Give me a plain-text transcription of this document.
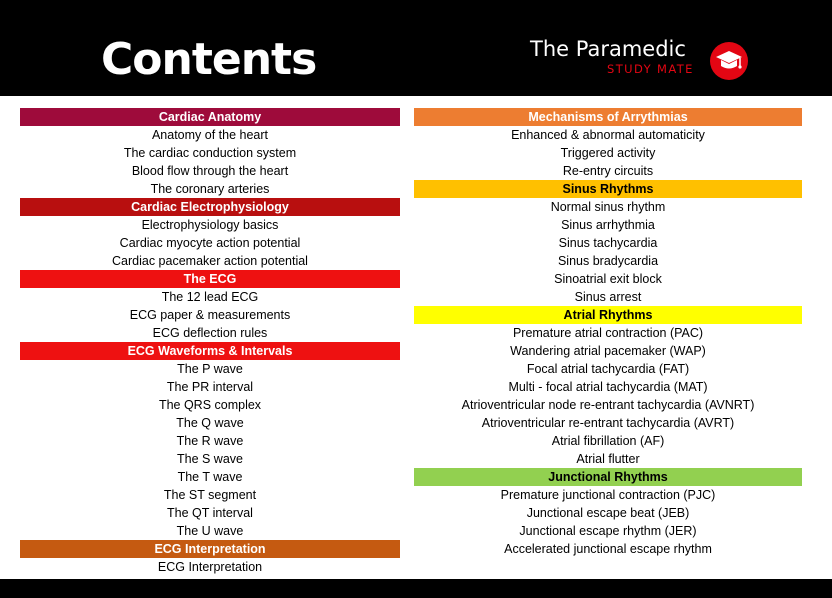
Contents	The Paramedic
STUDY MATE
Cardiac Anatomy
Anatomy of the heart
The cardiac conduction system
Blood flow through the heart
The coronary arteries
Cardiac Electrophysiology
Electrophysiology basics
Cardiac myocyte action potential
Cardiac pacemaker action potential
The ECG
The 12 lead ECG
ECG paper & measurements
ECG deflection rules
ECG Waveforms & Intervals
The P wave
The PR interval
The QRS complex
The Q wave
The R wave
The S wave
The T wave
The ST segment
The QT interval
The U wave
ECG Interpretation
ECG Interpretation
Mechanisms of Arrythmias
Enhanced & abnormal automaticity
Triggered activity
Re-entry circuits
Sinus Rhythms
Normal sinus rhythm
Sinus arrhythmia
Sinus tachycardia
Sinus bradycardia
Sinoatrial exit block
Sinus arrest
Atrial Rhythms
Premature atrial contraction (PAC)
Wandering atrial pacemaker (WAP)
Focal atrial tachycardia (FAT)
Multi - focal atrial tachycardia (MAT)
Atrioventricular node re-entrant tachycardia (AVNRT)
Atrioventricular re-entrant tachycardia (AVRT)
Atrial fibrillation (AF)
Atrial flutter
Junctional Rhythms
Premature junctional contraction (PJC)
Junctional escape beat (JEB)
Junctional escape rhythm (JER)
Accelerated junctional escape rhythm
